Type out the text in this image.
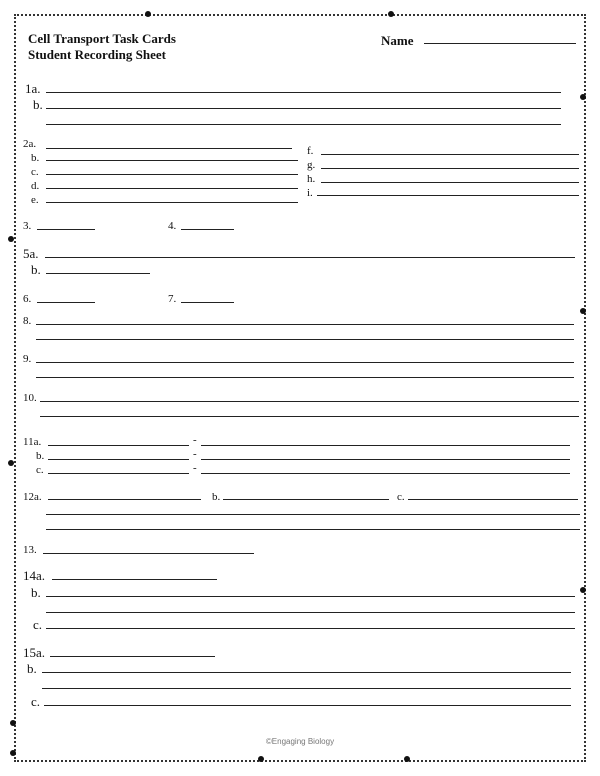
Cell Transport Task Cards
Student Recording Sheet
Name
1a.
b.
2a.
b.
c.
d.
e.
f.
g.
h.
i.
3.	4.
5a.
b.
6.	7.
8.
9.
10.
11a.	-
b.	-
c.	-
12a.	b.	c.
13.
14a.
b.
c.
15a.
b.
c.
©Engaging Biology
